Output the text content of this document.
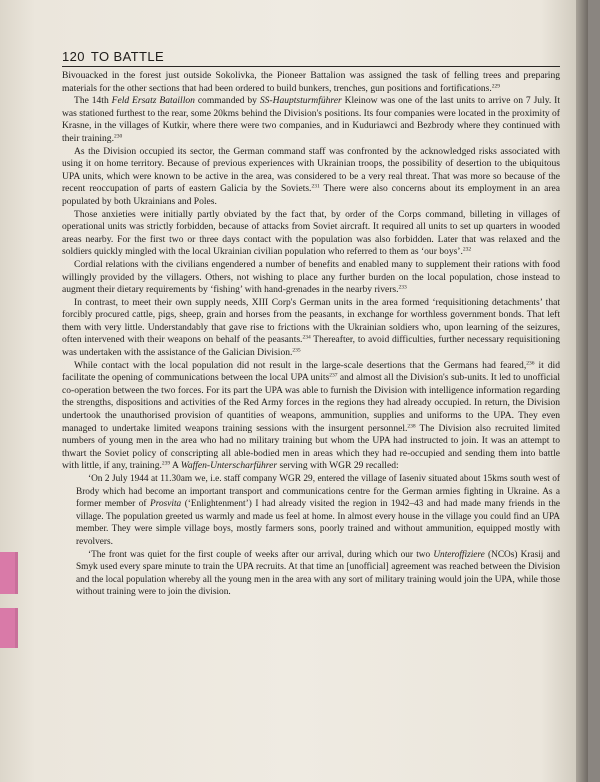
120 TO BATTLE

Bivouacked in the forest just outside Sokolivka, the Pioneer Battalion was assigned the task of felling trees and preparing materials for the other sections that had been ordered to build bunkers, trenches, gun positions and fortifications.$^{229}$

The 14th Feld Ersatz Bataillon commanded by SS-Hauptsturmführer Kleinow was one of the last units to arrive on 7 July. It was stationed furthest to the rear, some 20kms behind the Division's positions. Its four companies were located in the proximity of Krasne, in the villages of Kutkir, where there were two companies, and in Kuduriawci and Bezbrody where they continued with their training.$^{230}$

As the Division occupied its sector, the German command staff was confronted by the acknowledged risks associated with using it on home territory. Because of previous experiences with Ukrainian troops, the possibility of desertion to the ubiquitous UPA units, which were known to be active in the area, was considered to be a very real threat. That was more so because of the recent reoccupation of parts of eastern Galicia by the Soviets.$^{231}$ There were also concerns about its employment in an area populated by both Ukrainians and Poles.

Those anxieties were initially partly obviated by the fact that, by order of the Corps command, billeting in villages of operational units was strictly forbidden, because of attacks from Soviet aircraft. It required all units to set up quarters in wooded areas nearby. For the first two or three days contact with the population was also forbidden. Later that was relaxed and the soldiers quickly mingled with the local Ukrainian civilian population who referred to them as ‘our boys’.$^{232}$

Cordial relations with the civilians engendered a number of benefits and enabled many to supplement their rations with food willingly provided by the villagers. Others, not wishing to place any further burden on the local population, chose instead to augment their dietary requirements by ‘fishing’ with hand-grenades in the nearby rivers.$^{233}$

In contrast, to meet their own supply needs, XIII Corp's German units in the area formed ‘requisitioning detachments’ that forcibly procured cattle, pigs, sheep, grain and horses from the peasants, in exchange for worthless government bonds. That left them with very little. Understandably that gave rise to frictions with the Ukrainian soldiers who, upon learning of the seizures, often intervened with their weapons on behalf of the peasants.$^{234}$ Thereafter, to avoid difficulties, further necessary requisitioning was undertaken with the assistance of the Galician Division.$^{235}$

While contact with the local population did not result in the large-scale desertions that the Germans had feared,$^{236}$ it did facilitate the opening of communications between the local UPA units$^{237}$ and almost all the Division's sub-units. It led to unofficial co-operation between the two forces. For its part the UPA was able to furnish the Division with intelligence information regarding the strengths, dispositions and activities of the Red Army forces in the regions they had already occupied. In return, the Division undertook the unauthorised provision of quantities of weapons, ammunition, supplies and uniforms to the UPA. They even managed to undertake limited weapons training sessions with the insurgent personnel.$^{238}$ The Division also recruited limited numbers of young men in the area who had no military training but whom the UPA had instructed to join. It was an attempt to thwart the Soviet policy of conscripting all able-bodied men in areas which they had re-occupied and sending them into battle with little, if any, training.$^{239}$ A Waffen-Unterscharführer serving with WGR 29 recalled:

‘On 2 July 1944 at 11.30am we, i.e. staff company WGR 29, entered the village of Iaseniv situated about 15kms south west of Brody which had become an important transport and communications centre for the German armies fighting in Ukraine. As a former member of Prosvita (‘Enlightenment’) I had already visited the region in 1942–43 and had made many friends in the village. The population greeted us warmly and made us feel at home. In almost every house in the village you could find an UPA member. They were simple village boys, mostly farmers sons, poorly trained and without ammunition, equipped mostly with revolvers.

‘The front was quiet for the first couple of weeks after our arrival, during which our two Unteroffiziere (NCOs) Krasij and Smyk used every spare minute to train the UPA recruits. At that time an [unofficial] agreement was reached between the Division and the local population whereby all the young men in the area with any sort of military training would join the UPA, while those without training were to join the division.
